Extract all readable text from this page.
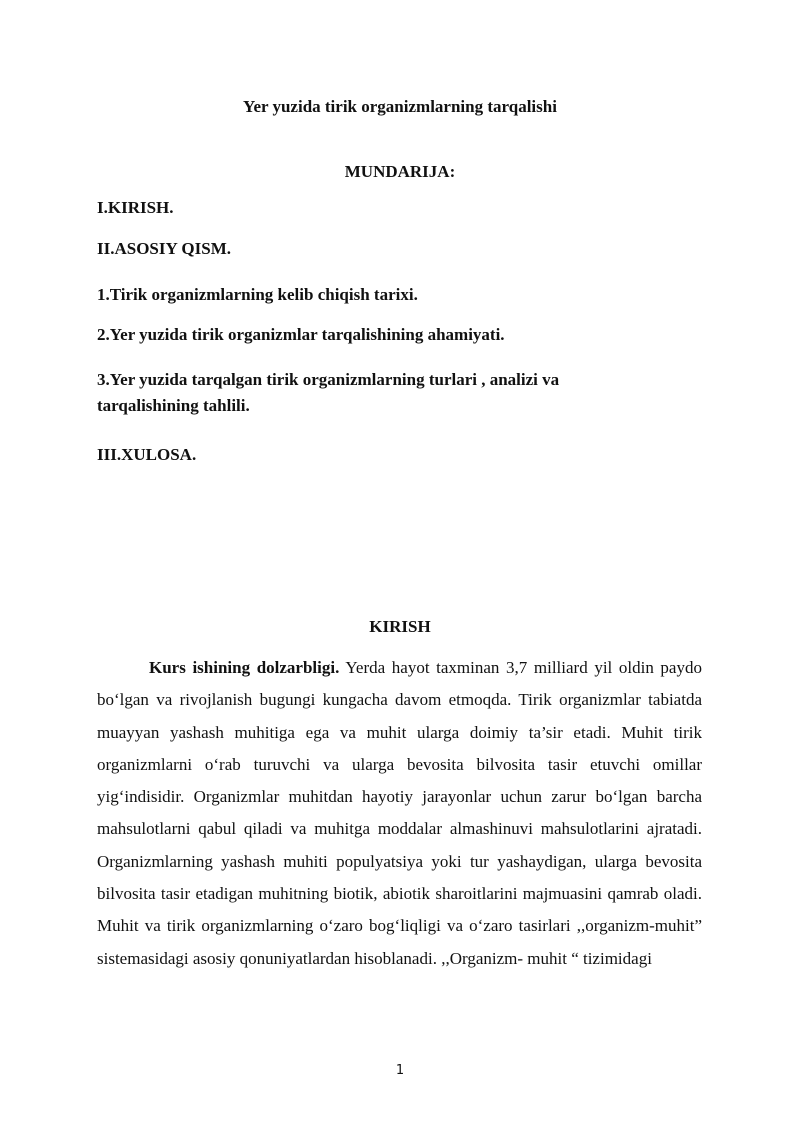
Yer yuzida tirik organizmlarning tarqalishi
MUNDARIJA:
I.KIRISH.
II.ASOSIY QISM.
1.Tirik organizmlarning kelib chiqish tarixi.
2.Yer yuzida tirik organizmlar tarqalishining ahamiyati.
3.Yer yuzida tarqalgan tirik organizmlarning turlari , analizi va tarqalishining tahlili.
III.XULOSA.
KIRISH

Kurs ishining dolzarbligi. Yerda hayot taxminan 3,7 milliard yil oldin paydo bo‘lgan va rivojlanish bugungi kungacha davom etmoqda. Tirik organizmlar tabiatda muayyan yashash muhitiga ega va muhit ularga doimiy ta’sir etadi. Muhit tirik organizmlarni o‘rab turuvchi va ularga bevosita bilvosita tasir etuvchi omillar yig‘indisidir. Organizmlar muhitdan hayotiy jarayonlar uchun zarur bo‘lgan barcha mahsulotlarni qabul qiladi va muhitga moddalar almashinuvi mahsulotlarini ajratadi. Organizmlarning yashash muhiti populyatsiya yoki tur yashaydigan, ularga bevosita bilvosita tasir etadigan muhitning biotik, abiotik sharoitlarini majmuasini qamrab oladi. Muhit va tirik organizmlarning o‘zaro bog‘liqligi va o‘zaro tasirlari ,,organizm-muhit” sistemasidagi asosiy qonuniyatlardan hisoblanadi. ,,Organizm- muhit “ tizimidagi

1
